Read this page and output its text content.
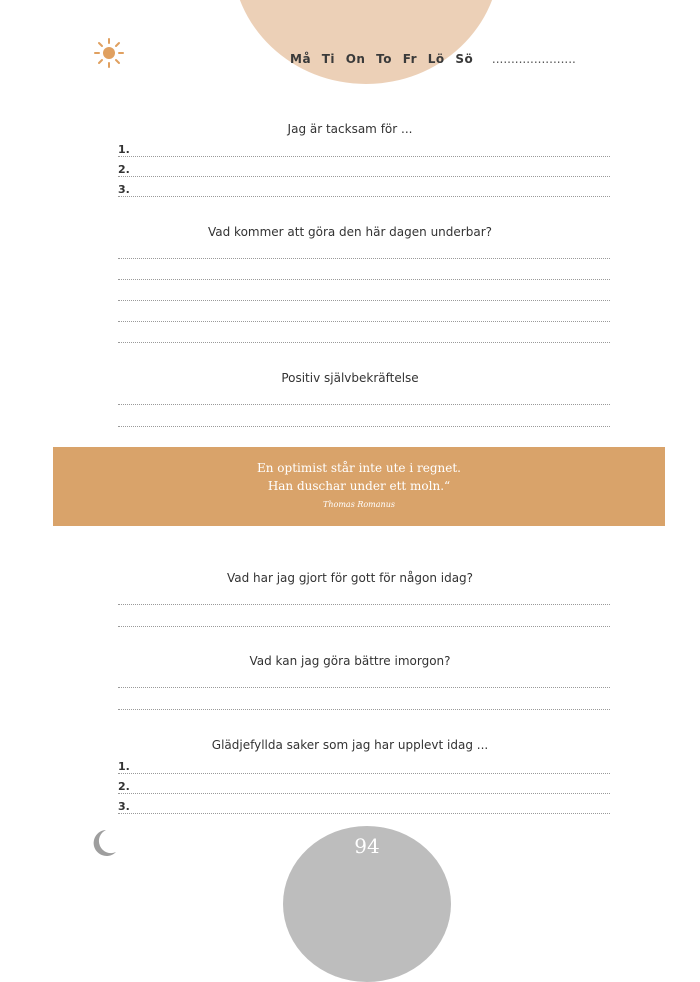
Må Ti On To Fr Lö Sö ......................
Jag är tacksam för ...
1.
2.
3.
Vad kommer att göra den här dagen underbar?
Positiv självbekräftelse
En optimist står inte ute i regnet.
Han duschar under ett moln.“
Thomas Romanus
Vad har jag gjort för gott för någon idag?
Vad kan jag göra bättre imorgon?
Glädjefyllda saker som jag har upplevt idag ...
1.
2.
3.
94
